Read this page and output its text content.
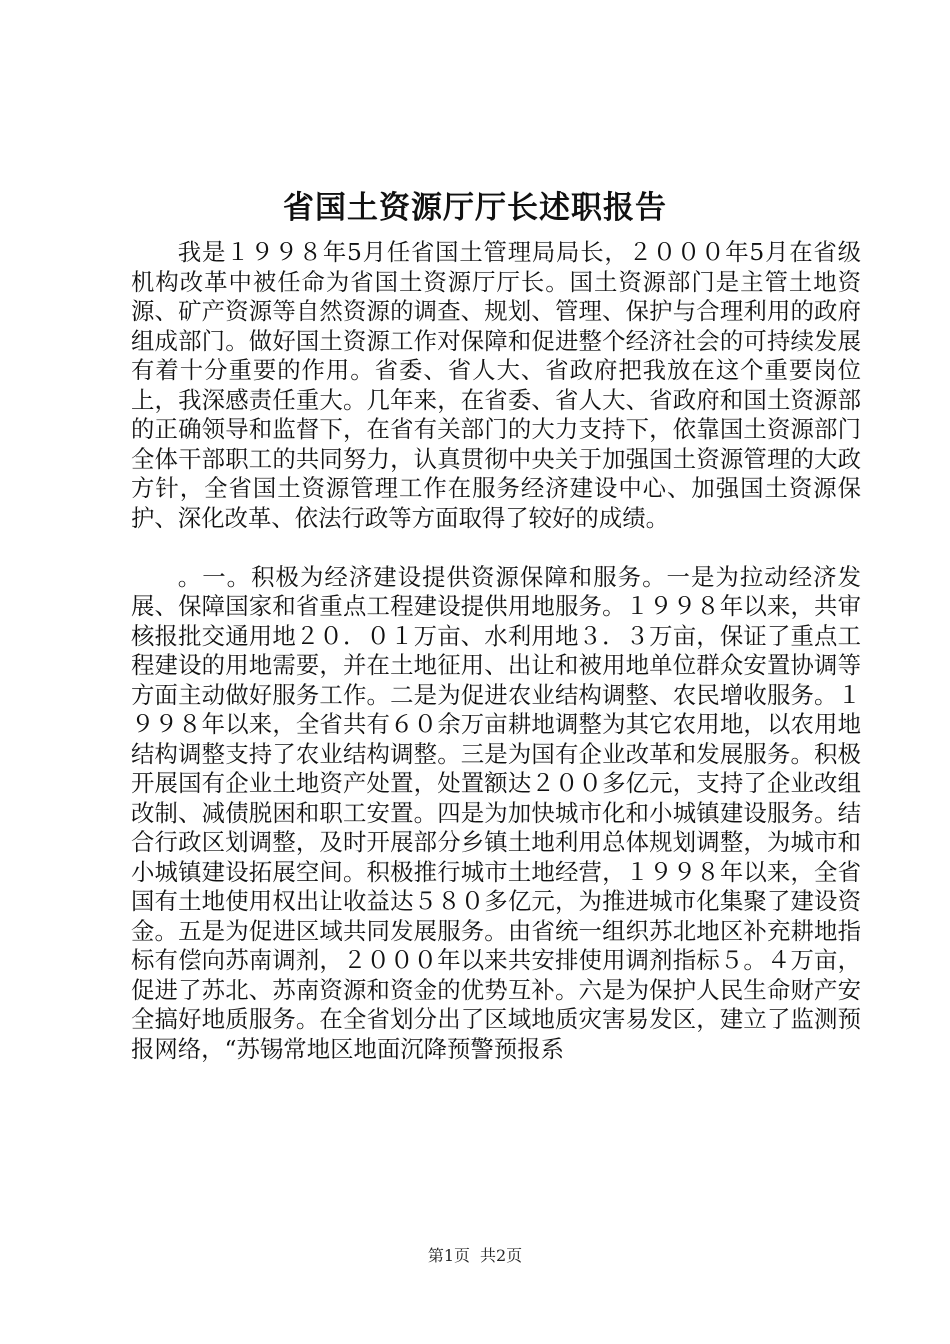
省国土资源厅厅长述职报告

我是１９９８年5月任省国土管理局局长，２０００年5月在省级机构改革中被任命为省国土资源厅厅长。国土资源部门是主管土地资源、矿产资源等自然资源的调查、规划、管理、保护与合理利用的政府组成部门。做好国土资源工作对保障和促进整个经济社会的可持续发展有着十分重要的作用。省委、省人大、省政府把我放在这个重要岗位上，我深感责任重大。几年来，在省委、省人大、省政府和国土资源部的正确领导和监督下，在省有关部门的大力支持下，依靠国土资源部门全体干部职工的共同努力，认真贯彻中央关于加强国土资源管理的大政方针，全省国土资源管理工作在服务经济建设中心、加强国土资源保护、深化改革、依法行政等方面取得了较好的成绩。

。一。积极为经济建设提供资源保障和服务。一是为拉动经济发展、保障国家和省重点工程建设提供用地服务。１９９８年以来，共审核报批交通用地２０．０１万亩、水利用地３．３万亩，保证了重点工程建设的用地需要，并在土地征用、出让和被用地单位群众安置协调等方面主动做好服务工作。二是为促进农业结构调整、农民增收服务。１９９８年以来，全省共有６０余万亩耕地调整为其它农用地，以农用地结构调整支持了农业结构调整。三是为国有企业改革和发展服务。积极开展国有企业土地资产处置，处置额达２００多亿元，支持了企业改组改制、减债脱困和职工安置。四是为加快城市化和小城镇建设服务。结合行政区划调整，及时开展部分乡镇土地利用总体规划调整，为城市和小城镇建设拓展空间。积极推行城市土地经营，１９９８年以来，全省国有土地使用权出让收益达５８０多亿元，为推进城市化集聚了建设资金。五是为促进区域共同发展服务。由省统一组织苏北地区补充耕地指标有偿向苏南调剂，２０００年以来共安排使用调剂指标５。４万亩，促进了苏北、苏南资源和资金的优势互补。六是为保护人民生命财产安全搞好地质服务。在全省划分出了区域地质灾害易发区，建立了监测预报网络，“苏锡常地区地面沉降预警预报系

第1页 共2页
